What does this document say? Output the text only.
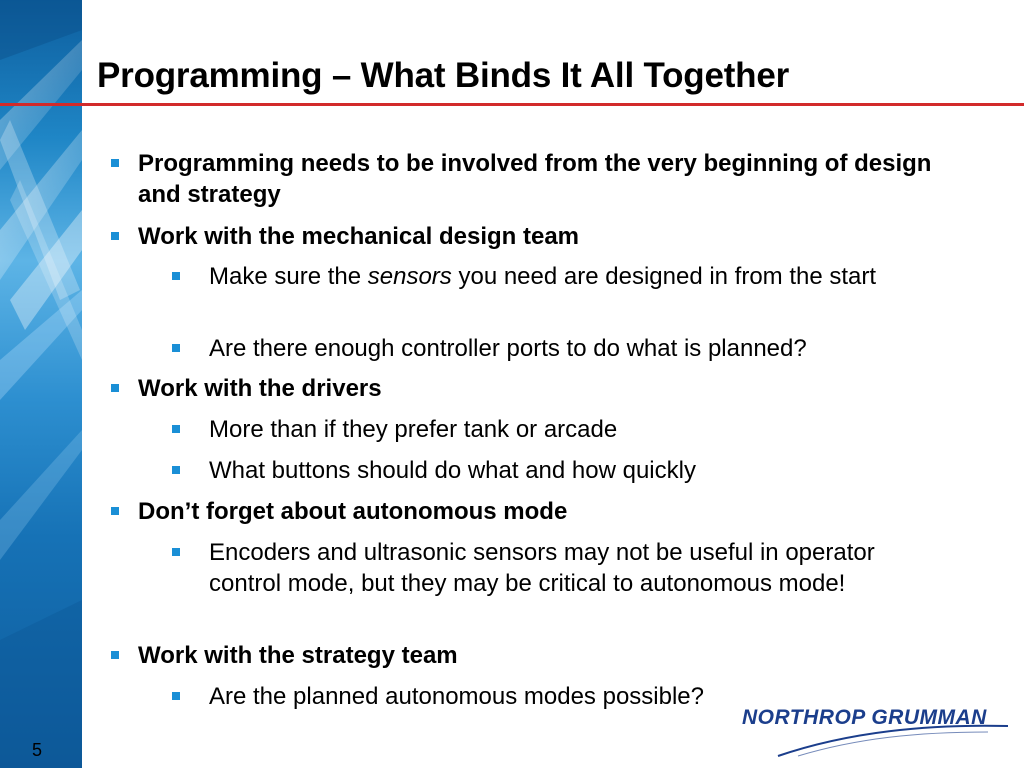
Programming – What Binds It All Together
Programming needs to be involved from the very beginning of design and strategy
Work with the mechanical design team
Make sure the sensors you need are designed in from the start
Are there enough controller ports to do what is planned?
Work with the drivers
More than if they prefer tank or arcade
What buttons should do what and how quickly
Don’t forget about autonomous mode
Encoders and ultrasonic sensors may not be useful in operator control mode, but they may be critical to autonomous mode!
Work with the strategy team
Are the planned autonomous modes possible?
5
NORTHROP GRUMMAN
